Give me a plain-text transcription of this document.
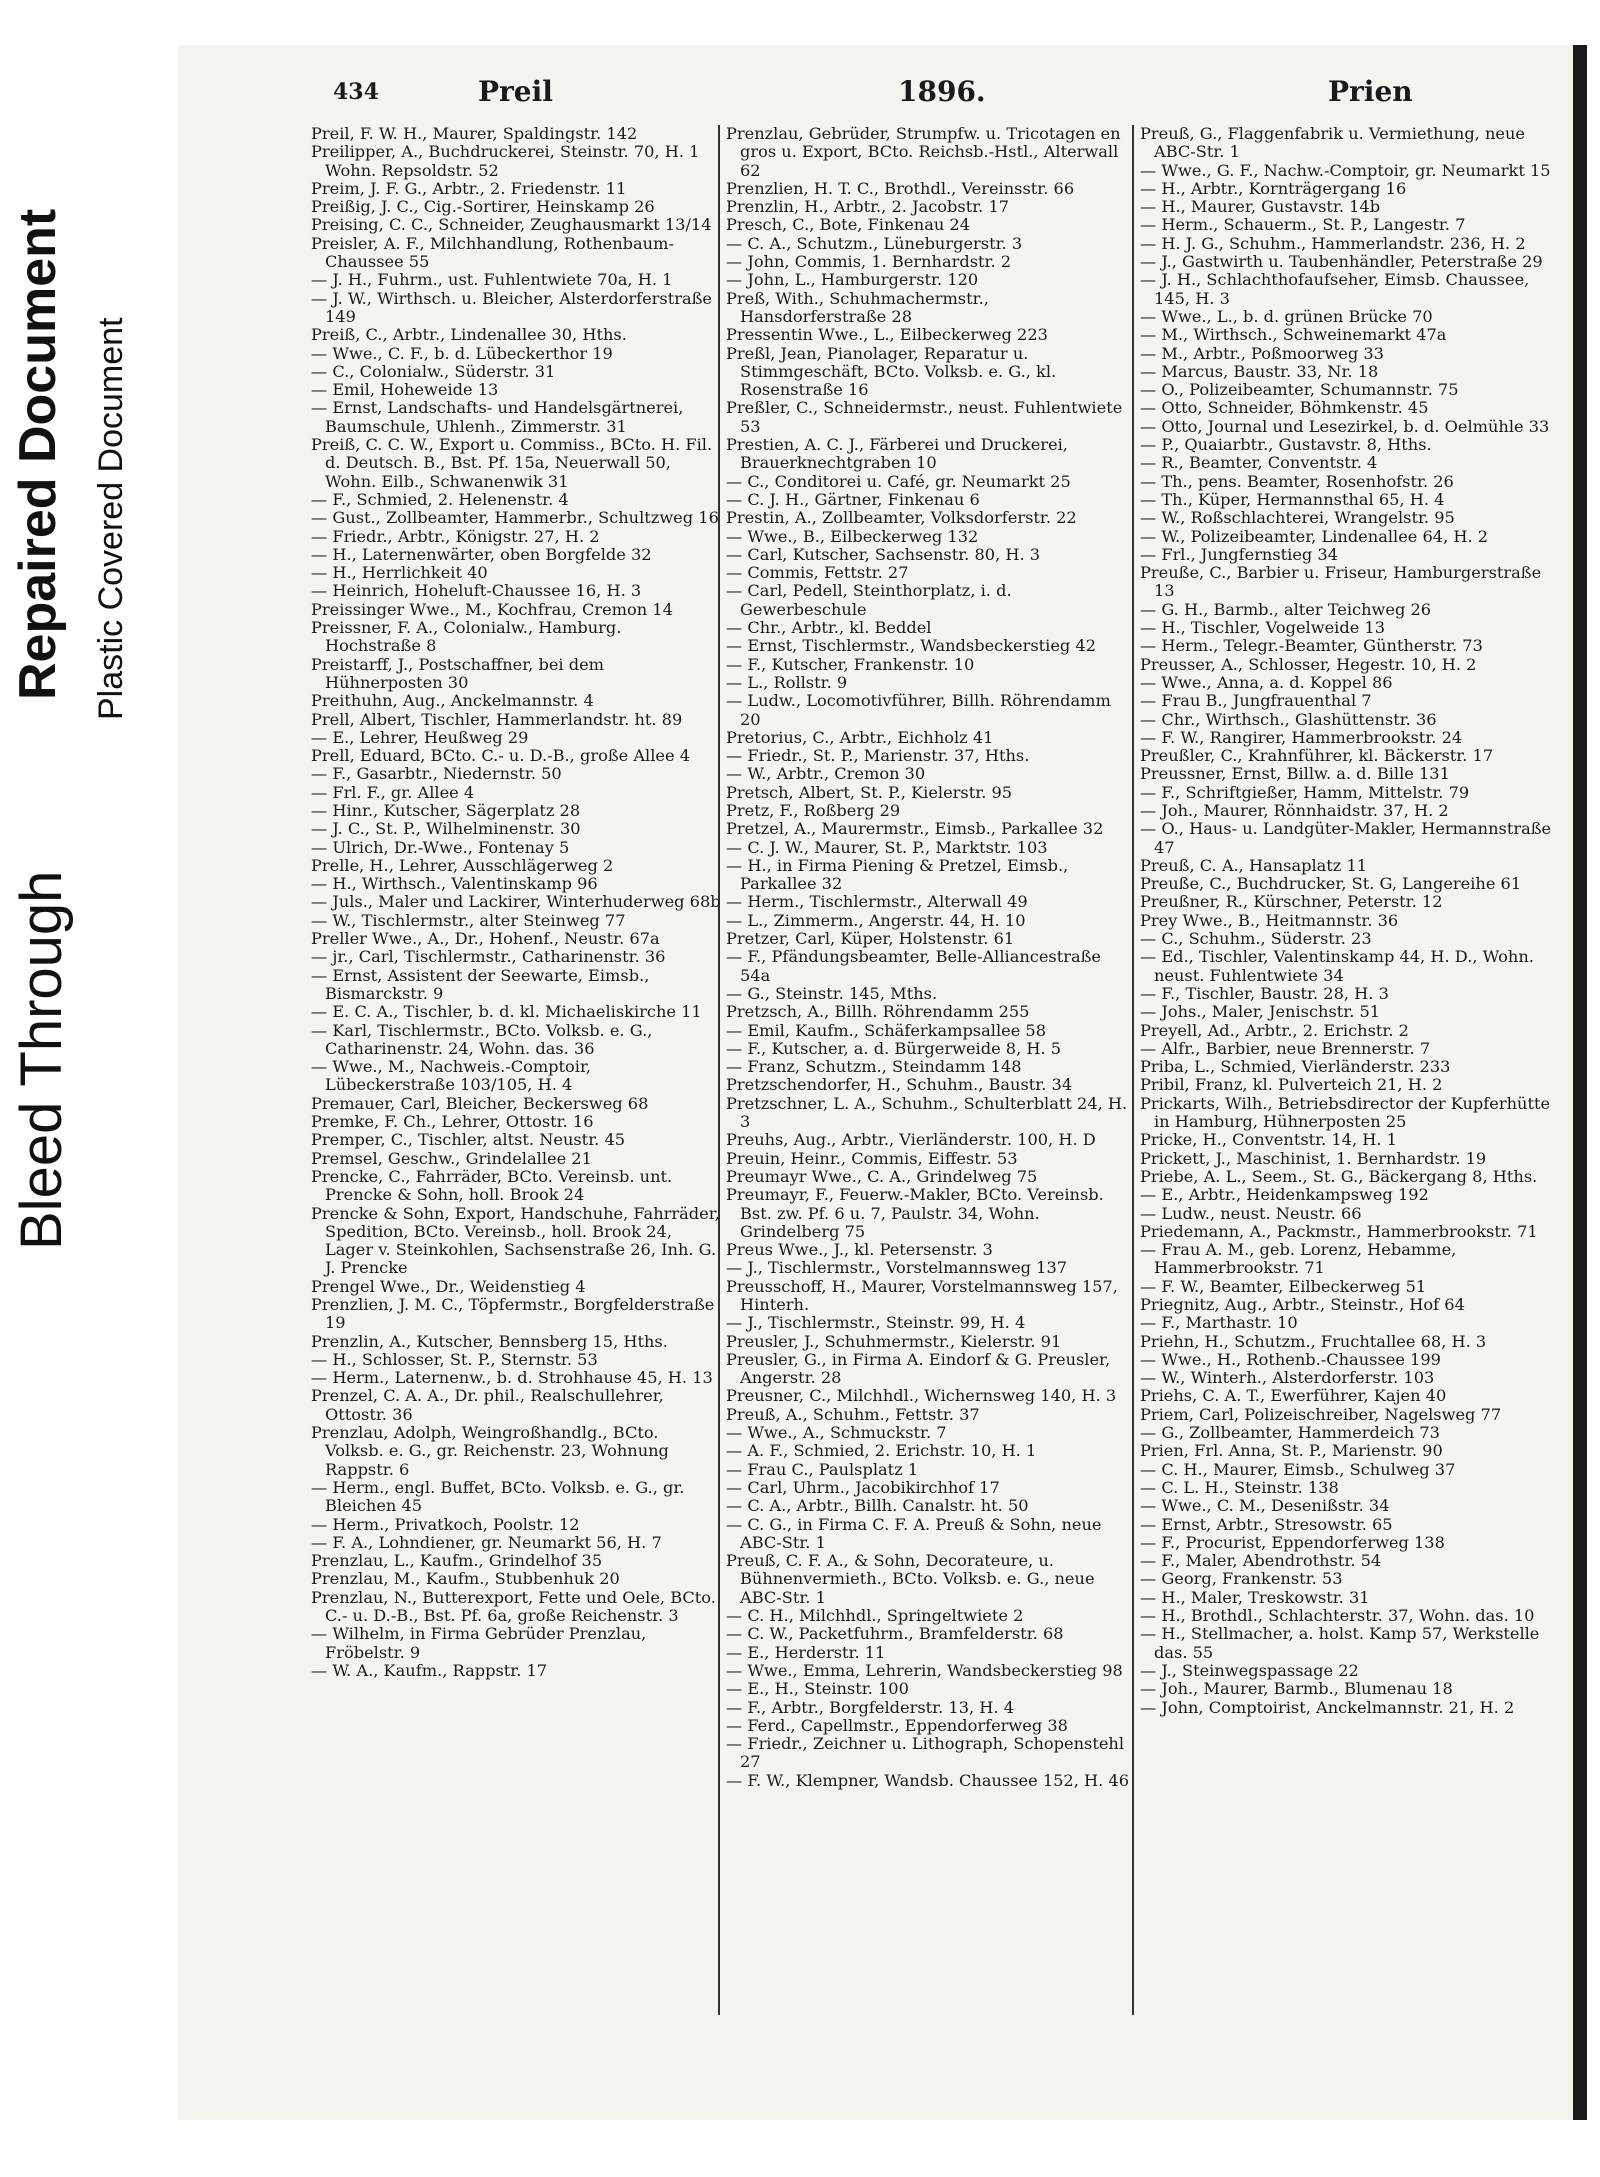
Bleed Through
Repaired Document Plastic Covered Document
434	Preil	1896.	Prien
Preil, F. W. H., Maurer, Spaldingstr. 142
Preilipper, A., Buchdruckerei, Steinstr. 70, H. 1 Wohn. Repsoldstr. 52
Preim, J. F. G., Arbtr., 2. Friedenstr. 11
Preißig, J. C., Cig.-Sortirer, Heinskamp 26
Preising, C. C., Schneider, Zeughausmarkt 13/14
Preisler, A. F., Milchhandlung, Rothenbaum-Chaussee 55
— J. H., Fuhrm., ust. Fuhlentwiete 70a, H. 1
— J. W., Wirthsch. u. Bleicher, Alsterdorferstraße 149
Preiß, C., Arbtr., Lindenallee 30, Hths.
— Wwe., C. F., b. d. Lübeckerthor 19
— C., Colonialw., Süderstr. 31
— Emil, Hoheweide 13
— Ernst, Landschafts- und Handelsgärtnerei, Baumschule, Uhlenh., Zimmerstr. 31
Preiß, C. C. W., Export u. Commiss., BCto. H. Fil. d. Deutsch. B., Bst. Pf. 15a, Neuerwall 50, Wohn. Eilb., Schwanenwik 31
— F., Schmied, 2. Helenenstr. 4
— Gust., Zollbeamter, Hammerbr., Schultzweg 16
— Friedr., Arbtr., Königstr. 27, H. 2
— H., Laternenwärter, oben Borgfelde 32
— H., Herrlichkeit 40
— Heinrich, Hoheluft-Chaussee 16, H. 3
Preissinger Wwe., M., Kochfrau, Cremon 14
Preissner, F. A., Colonialw., Hamburg. Hochstraße 8
Preistarff, J., Postschaffner, bei dem Hühnerposten 30
Preithuhn, Aug., Anckelmannstr. 4
Prell, Albert, Tischler, Hammerlandstr. ht. 89
— E., Lehrer, Heußweg 29
Prell, Eduard, BCto. C.- u. D.-B., große Allee 4
— F., Gasarbtr., Niedernstr. 50
— Frl. F., gr. Allee 4
— Hinr., Kutscher, Sägerplatz 28
— J. C., St. P., Wilhelminenstr. 30
— Ulrich, Dr.-Wwe., Fontenay 5
Prelle, H., Lehrer, Ausschlägerweg 2
— H., Wirthsch., Valentinskamp 96
— Juls., Maler und Lackirer, Winterhuderweg 68b
— W., Tischlermstr., alter Steinweg 77
Preller Wwe., A., Dr., Hohenf., Neustr. 67a
— jr., Carl, Tischlermstr., Catharinenstr. 36
— Ernst, Assistent der Seewarte, Eimsb., Bismarckstr. 9
— E. C. A., Tischler, b. d. kl. Michaeliskirche 11
— Karl, Tischlermstr., BCto. Volksb. e. G., Catharinenstr. 24, Wohn. das. 36
— Wwe., M., Nachweis.-Comptoir, Lübeckerstraße 103/105, H. 4
Premauer, Carl, Bleicher, Beckersweg 68
Premke, F. Ch., Lehrer, Ottostr. 16
Premper, C., Tischler, altst. Neustr. 45
Premsel, Geschw., Grindelallee 21
Prencke, C., Fahrräder, BCto. Vereinsb. unt. Prencke & Sohn, holl. Brook 24
Prencke & Sohn, Export, Handschuhe, Fahrräder, Spedition, BCto. Vereinsb., holl. Brook 24, Lager v. Steinkohlen, Sachsenstraße 26, Inh. G. J. Prencke
Prengel Wwe., Dr., Weidenstieg 4
Prenzlien, J. M. C., Töpfermstr., Borgfelderstraße 19
Prenzlin, A., Kutscher, Bennsberg 15, Hths.
— H., Schlosser, St. P., Sternstr. 53
— Herm., Laternenw., b. d. Strohhause 45, H. 13
Prenzel, C. A. A., Dr. phil., Realschullehrer, Ottostr. 36
Prenzlau, Adolph, Weingroßhandlg., BCto. Volksb. e. G., gr. Reichenstr. 23, Wohnung Rappstr. 6
— Herm., engl. Buffet, BCto. Volksb. e. G., gr. Bleichen 45
— Herm., Privatkoch, Poolstr. 12
— F. A., Lohndiener, gr. Neumarkt 56, H. 7
Prenzlau, L., Kaufm., Grindelhof 35
Prenzlau, M., Kaufm., Stubbenhuk 20
Prenzlau, N., Butterexport, Fette und Oele, BCto. C.- u. D.-B., Bst. Pf. 6a, große Reichenstr. 3
— Wilhelm, in Firma Gebrüder Prenzlau, Fröbelstr. 9
— W. A., Kaufm., Rappstr. 17
Prenzlau, Gebrüder, Strumpfw. u. Tricotagen en gros u. Export, BCto. Reichsb.-Hstl., Alterwall 62
Prenzlien, H. T. C., Brothdl., Vereinsstr. 66
Prenzlin, H., Arbtr., 2. Jacobstr. 17
Presch, C., Bote, Finkenau 24
— C. A., Schutzm., Lüneburgerstr. 3
— John, Commis, 1. Bernhardstr. 2
— John, L., Hamburgerstr. 120
Preß, With., Schuhmachermstr., Hansdorferstraße 28
Pressentin Wwe., L., Eilbeckerweg 223
Preßl, Jean, Pianolager, Reparatur u. Stimmgeschäft, BCto. Volksb. e. G., kl. Rosenstraße 16
Preßler, C., Schneidermstr., neust. Fuhlentwiete 53
Prestien, A. C. J., Färberei und Druckerei, Brauerknechtgraben 10
— C., Conditorei u. Café, gr. Neumarkt 25
— C. J. H., Gärtner, Finkenau 6
Prestin, A., Zollbeamter, Volksdorferstr. 22
— Wwe., B., Eilbeckerweg 132
— Carl, Kutscher, Sachsenstr. 80, H. 3
— Commis, Fettstr. 27
— Carl, Pedell, Steinthorplatz, i. d. Gewerbeschule
— Chr., Arbtr., kl. Beddel
— Ernst, Tischlermstr., Wandsbeckerstieg 42
— F., Kutscher, Frankenstr. 10
— L., Rollstr. 9
— Ludw., Locomotivführer, Billh. Röhrendamm 20
Pretorius, C., Arbtr., Eichholz 41
— Friedr., St. P., Marienstr. 37, Hths.
— W., Arbtr., Cremon 30
Pretsch, Albert, St. P., Kielerstr. 95
Pretz, F., Roßberg 29
Pretzel, A., Maurermstr., Eimsb., Parkallee 32
— C. J. W., Maurer, St. P., Marktstr. 103
— H., in Firma Piening & Pretzel, Eimsb., Parkallee 32
— Herm., Tischlermstr., Alterwall 49
— L., Zimmerm., Angerstr. 44, H. 10
Pretzer, Carl, Küper, Holstenstr. 61
— F., Pfändungsbeamter, Belle-Alliancestraße 54a
— G., Steinstr. 145, Mths.
Pretzsch, A., Billh. Röhrendamm 255
— Emil, Kaufm., Schäferkampsallee 58
— F., Kutscher, a. d. Bürgerweide 8, H. 5
— Franz, Schutzm., Steindamm 148
Pretzschendorfer, H., Schuhm., Baustr. 34
Pretzschner, L. A., Schuhm., Schulterblatt 24, H. 3
Preuhs, Aug., Arbtr., Vierländerstr. 100, H. D
Preuin, Heinr., Commis, Eiffestr. 53
Preumayr Wwe., C. A., Grindelweg 75
Preumayr, F., Feuerw.-Makler, BCto. Vereinsb. Bst. zw. Pf. 6 u. 7, Paulstr. 34, Wohn. Grindelberg 75
Preus Wwe., J., kl. Petersenstr. 3
— J., Tischlermstr., Vorstelmannsweg 137
Preusschoff, H., Maurer, Vorstelmannsweg 157, Hinterh.
— J., Tischlermstr., Steinstr. 99, H. 4
Preusler, J., Schuhmermstr., Kielerstr. 91
Preusler, G., in Firma A. Eindorf & G. Preusler, Angerstr. 28
Preusner, C., Milchhdl., Wichernsweg 140, H. 3
Preuß, A., Schuhm., Fettstr. 37
— Wwe., A., Schmuckstr. 7
— A. F., Schmied, 2. Erichstr. 10, H. 1
— Frau C., Paulsplatz 1
— Carl, Uhrm., Jacobikirchhof 17
— C. A., Arbtr., Billh. Canalstr. ht. 50
— C. G., in Firma C. F. A. Preuß & Sohn, neue ABC-Str. 1
Preuß, C. F. A., & Sohn, Decorateure, u. Bühnenvermieth., BCto. Volksb. e. G., neue ABC-Str. 1
— C. H., Milchhdl., Springeltwiete 2
— C. W., Packetfuhrm., Bramfelderstr. 68
— E., Herderstr. 11
— Wwe., Emma, Lehrerin, Wandsbeckerstieg 98
— E., H., Steinstr. 100
— F., Arbtr., Borgfelderstr. 13, H. 4
— Ferd., Capellmstr., Eppendorferweg 38
— Friedr., Zeichner u. Lithograph, Schopenstehl 27
— F. W., Klempner, Wandsb. Chaussee 152, H. 46
Preuß, G., Flaggenfabrik u. Vermiethung, neue ABC-Str. 1
— Wwe., G. F., Nachw.-Comptoir, gr. Neumarkt 15
— H., Arbtr., Kornträgergang 16
— H., Maurer, Gustavstr. 14b
— Herm., Schauerm., St. P., Langestr. 7
— H. J. G., Schuhm., Hammerlandstr. 236, H. 2
— J., Gastwirth u. Taubenhändler, Peterstraße 29
— J. H., Schlachthofaufseher, Eimsb. Chaussee, 145, H. 3
— Wwe., L., b. d. grünen Brücke 70
— M., Wirthsch., Schweinemarkt 47a
— M., Arbtr., Poßmoorweg 33
— Marcus, Baustr. 33, Nr. 18
— O., Polizeibeamter, Schumannstr. 75
— Otto, Schneider, Böhmkenstr. 45
— Otto, Journal und Lesezirkel, b. d. Oelmühle 33
— P., Quaiarbtr., Gustavstr. 8, Hths.
— R., Beamter, Conventstr. 4
— Th., pens. Beamter, Rosenhofstr. 26
— Th., Küper, Hermannsthal 65, H. 4
— W., Roßschlachterei, Wrangelstr. 95
— W., Polizeibeamter, Lindenallee 64, H. 2
— Frl., Jungfernstieg 34
Preuße, C., Barbier u. Friseur, Hamburgerstraße 13
— G. H., Barmb., alter Teichweg 26
— H., Tischler, Vogelweide 13
— Herm., Telegr.-Beamter, Güntherstr. 73
Preusser, A., Schlosser, Hegestr. 10, H. 2
— Wwe., Anna, a. d. Koppel 86
— Frau B., Jungfrauenthal 7
— Chr., Wirthsch., Glashüttenstr. 36
— F. W., Rangirer, Hammerbrookstr. 24
Preußler, C., Krahnführer, kl. Bäckerstr. 17
Preussner, Ernst, Billw. a. d. Bille 131
— F., Schriftgießer, Hamm, Mittelstr. 79
— Joh., Maurer, Rönnhaidstr. 37, H. 2
— O., Haus- u. Landgüter-Makler, Hermannstraße 47
Preuß, C. A., Hansaplatz 11
Preuße, C., Buchdrucker, St. G, Langereihe 61
Preußner, R., Kürschner, Peterstr. 12
Prey Wwe., B., Heitmannstr. 36
— C., Schuhm., Süderstr. 23
— Ed., Tischler, Valentinskamp 44, H. D., Wohn. neust. Fuhlentwiete 34
— F., Tischler, Baustr. 28, H. 3
— Johs., Maler, Jenischstr. 51
Preyell, Ad., Arbtr., 2. Erichstr. 2
— Alfr., Barbier, neue Brennerstr. 7
Priba, L., Schmied, Vierländerstr. 233
Pribil, Franz, kl. Pulverteich 21, H. 2
Prickarts, Wilh., Betriebsdirector der Kupferhütte in Hamburg, Hühnerposten 25
Pricke, H., Conventstr. 14, H. 1
Prickett, J., Maschinist, 1. Bernhardstr. 19
Priebe, A. L., Seem., St. G., Bäckergang 8, Hths.
— E., Arbtr., Heidenkampsweg 192
— Ludw., neust. Neustr. 66
Priedemann, A., Packmstr., Hammerbrookstr. 71
— Frau A. M., geb. Lorenz, Hebamme, Hammerbrookstr. 71
— F. W., Beamter, Eilbeckerweg 51
Priegnitz, Aug., Arbtr., Steinstr., Hof 64
— F., Marthastr. 10
Priehn, H., Schutzm., Fruchtallee 68, H. 3
— Wwe., H., Rothenb.-Chaussee 199
— W., Winterh., Alsterdorferstr. 103
Priehs, C. A. T., Ewerführer, Kajen 40
Priem, Carl, Polizeischreiber, Nagelsweg 77
— G., Zollbeamter, Hammerdeich 73
Prien, Frl. Anna, St. P., Marienstr. 90
— C. H., Maurer, Eimsb., Schulweg 37
— C. L. H., Steinstr. 138
— Wwe., C. M., Desenißstr. 34
— Ernst, Arbtr., Stresowstr. 65
— F., Procurist, Eppendorferweg 138
— F., Maler, Abendrothstr. 54
— Georg, Frankenstr. 53
— H., Maler, Treskowstr. 31
— H., Brothdl., Schlachterstr. 37, Wohn. das. 10
— H., Stellmacher, a. holst. Kamp 57, Werkstelle das. 55
— J., Steinwegspassage 22
— Joh., Maurer, Barmb., Blumenau 18
— John, Comptoirist, Anckelmannstr. 21, H. 2
